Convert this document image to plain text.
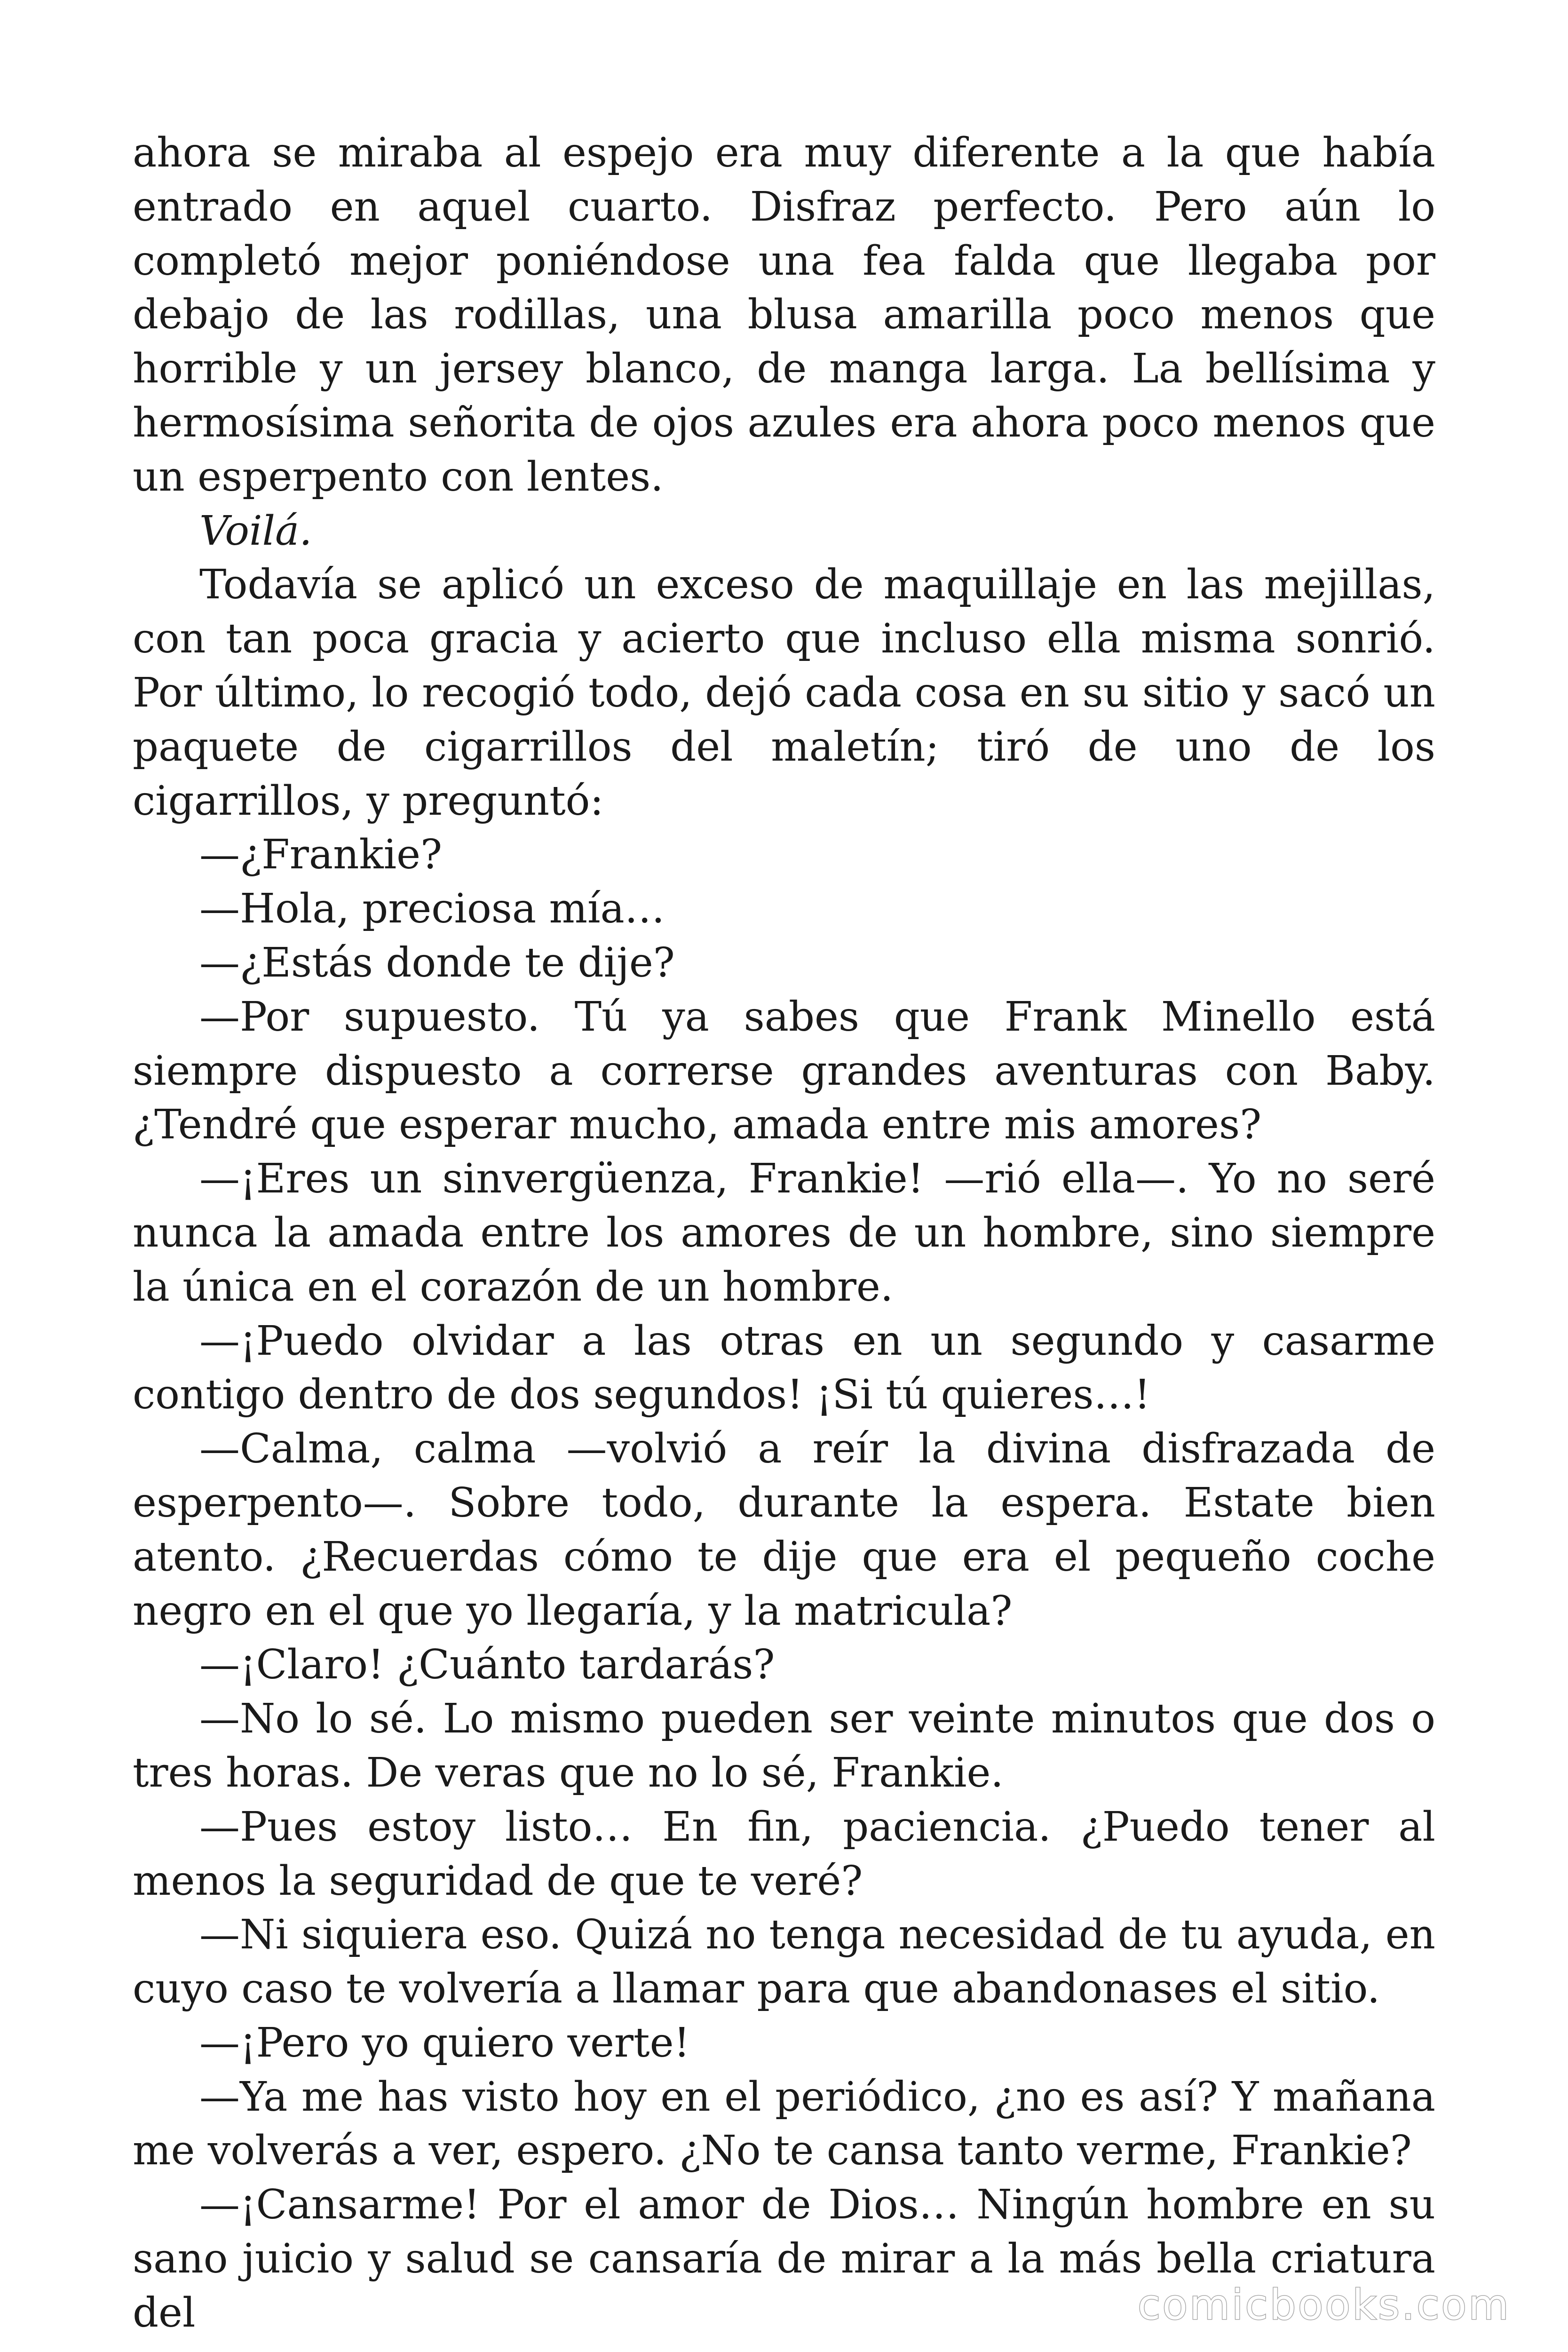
ahora se miraba al espejo era muy diferente a la que había entrado en aquel cuarto. Disfraz perfecto. Pero aún lo completó mejor poniéndose una fea falda que llegaba por debajo de las rodillas, una blusa amarilla poco menos que horrible y un jersey blanco, de manga larga. La bellísima y hermosísima señorita de ojos azules era ahora poco menos que un esperpento con lentes.

Voilá.

Todavía se aplicó un exceso de maquillaje en las mejillas, con tan poca gracia y acierto que incluso ella misma sonrió. Por último, lo recogió todo, dejó cada cosa en su sitio y sacó un paquete de cigarrillos del maletín; tiró de uno de los cigarrillos, y preguntó:

—¿Frankie?

—Hola, preciosa mía…

—¿Estás donde te dije?

—Por supuesto. Tú ya sabes que Frank Minello está siempre dispuesto a correrse grandes aventuras con Baby. ¿Tendré que esperar mucho, amada entre mis amores?

—¡Eres un sinvergüenza, Frankie! —rió ella—. Yo no seré nunca la amada entre los amores de un hombre, sino siempre la única en el corazón de un hombre.

—¡Puedo olvidar a las otras en un segundo y casarme contigo dentro de dos segundos! ¡Si tú quieres…!

—Calma, calma —volvió a reír la divina disfrazada de esperpento—. Sobre todo, durante la espera. Estate bien atento. ¿Recuerdas cómo te dije que era el pequeño coche negro en el que yo llegaría, y la matricula?

—¡Claro! ¿Cuánto tardarás?

—No lo sé. Lo mismo pueden ser veinte minutos que dos o tres horas. De veras que no lo sé, Frankie.

—Pues estoy listo… En fin, paciencia. ¿Puedo tener al menos la seguridad de que te veré?

—Ni siquiera eso. Quizá no tenga necesidad de tu ayuda, en cuyo caso te volvería a llamar para que abandonases el sitio.

—¡Pero yo quiero verte!

—Ya me has visto hoy en el periódico, ¿no es así? Y mañana me volverás a ver, espero. ¿No te cansa tanto verme, Frankie?

—¡Cansarme! Por el amor de Dios… Ningún hombre en su sano juicio y salud se cansaría de mirar a la más bella criatura del	comicbooks.com
